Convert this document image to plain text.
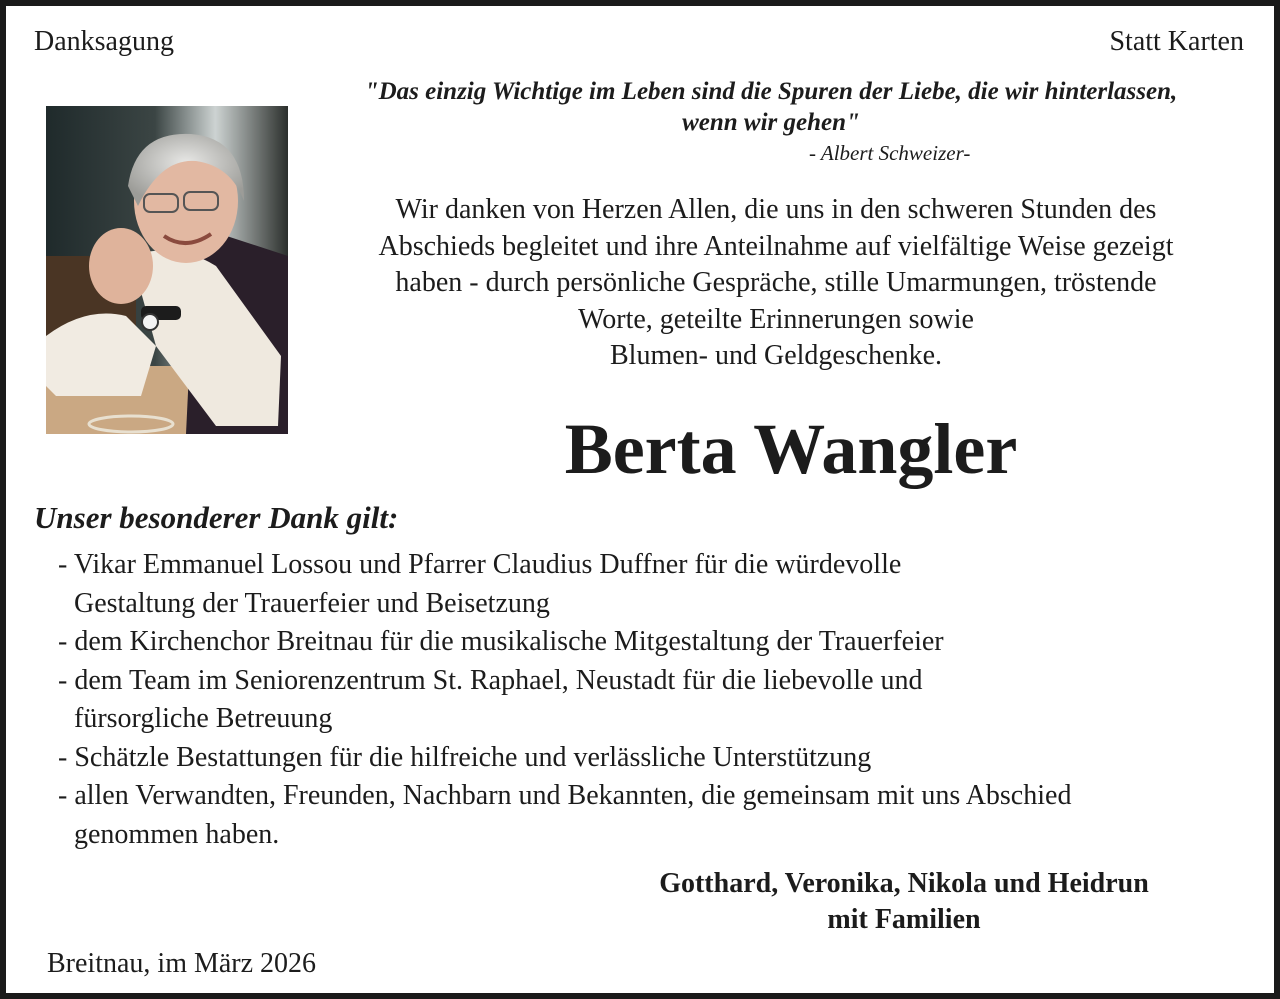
Danksagung	Statt Karten
"Das einzig Wichtige im Leben sind die Spuren der Liebe, die wir hinterlassen,
wenn wir gehen"
- Albert Schweizer-
Wir danken von Herzen Allen, die uns in den schweren Stunden des
Abschieds begleitet und ihre Anteilnahme auf vielfältige Weise gezeigt
haben - durch persönliche Gespräche, stille Umarmungen, tröstende
Worte, geteilte Erinnerungen sowie
Blumen- und Geldgeschenke.
Berta Wangler
Unser besonderer Dank gilt:
- Vikar Emmanuel Lossou und Pfarrer Claudius Duffner für die würdevolle
Gestaltung der Trauerfeier und Beisetzung
- dem Kirchenchor Breitnau für die musikalische Mitgestaltung der Trauerfeier
- dem Team im Seniorenzentrum St. Raphael, Neustadt für die liebevolle und
fürsorgliche Betreuung
- Schätzle Bestattungen für die hilfreiche und verlässliche Unterstützung
- allen Verwandten, Freunden, Nachbarn und Bekannten, die gemeinsam mit uns Abschied
genommen haben.
Gotthard, Veronika, Nikola und Heidrun
mit Familien
Breitnau, im März 2026
